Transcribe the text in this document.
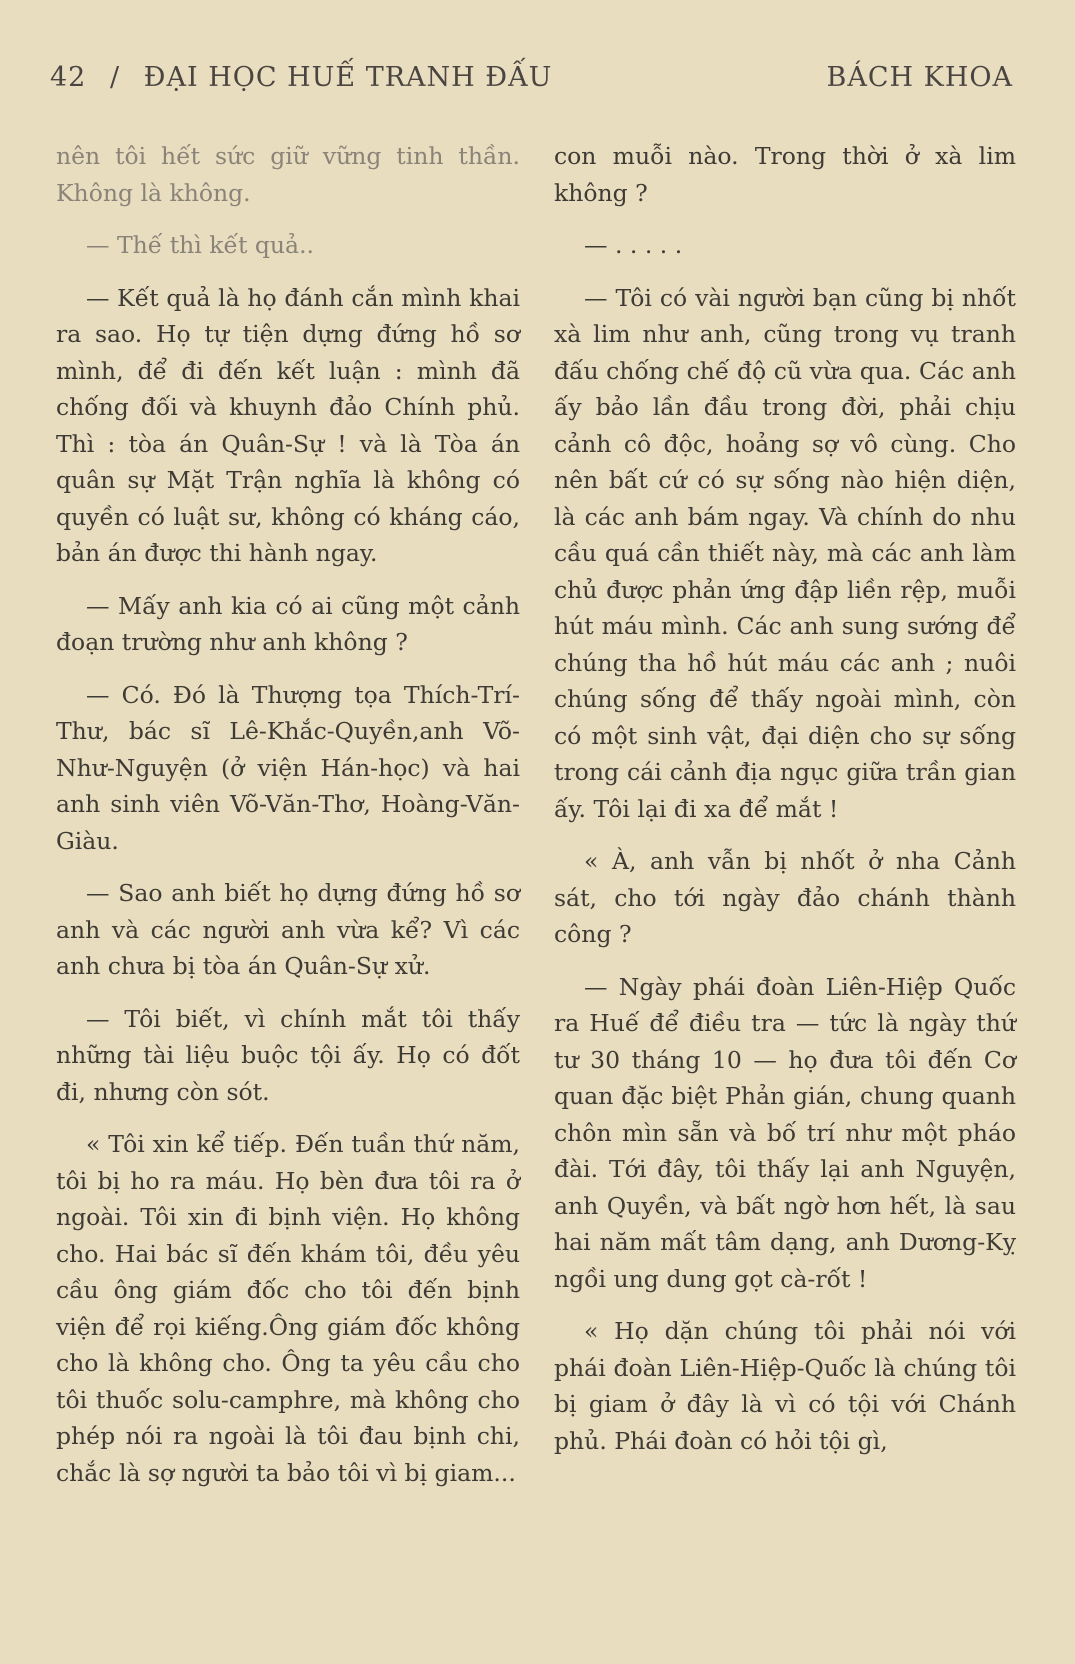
42 / ĐẠI HỌC HUẾ TRANH ĐẤU	BÁCH KHOA

nên tôi hết sức giữ vững tinh thần. Không là không.

— Thế thì kết quả..

— Kết quả là họ đánh cắn mình khai ra sao. Họ tự tiện dựng đứng hồ sơ mình, để đi đến kết luận : mình đã chống đối và khuynh đảo Chính phủ. Thì : tòa án Quân-Sự ! và là Tòa án quân sự Mặt Trận nghĩa là không có quyền có luật sư, không có kháng cáo, bản án được thi hành ngay.

— Mấy anh kia có ai cũng một cảnh đoạn trường như anh không ?

— Có. Đó là Thượng tọa Thích-Trí-Thư, bác sĩ Lê-Khắc-Quyền,anh Võ-Như-Nguyện (ở viện Hán-học) và hai anh sinh viên Võ-Văn-Thơ, Hoàng-Văn-Giàu.

— Sao anh biết họ dựng đứng hồ sơ anh và các người anh vừa kể? Vì các anh chưa bị tòa án Quân-Sự xử.

— Tôi biết, vì chính mắt tôi thấy những tài liệu buộc tội ấy. Họ có đốt đi, nhưng còn sót.

« Tôi xin kể tiếp. Đến tuần thứ năm, tôi bị ho ra máu. Họ bèn đưa tôi ra ở ngoài. Tôi xin đi bịnh viện. Họ không cho. Hai bác sĩ đến khám tôi, đều yêu cầu ông giám đốc cho tôi đến bịnh viện để rọi kiếng.Ông giám đốc không cho là không cho. Ông ta yêu cầu cho tôi thuốc solu-camphre, mà không cho phép nói ra ngoài là tôi đau bịnh chi, chắc là sợ người ta bảo tôi vì bị giam...

con muỗi nào. Trong thời ở xà lim không ?

— . . . . .

— Tôi có vài người bạn cũng bị nhốt xà lim như anh, cũng trong vụ tranh đấu chống chế độ cũ vừa qua. Các anh ấy bảo lần đầu trong đời, phải chịu cảnh cô độc, hoảng sợ vô cùng. Cho nên bất cứ có sự sống nào hiện diện, là các anh bám ngay. Và chính do nhu cầu quá cần thiết này, mà các anh làm chủ được phản ứng đập liền rệp, muỗi hút máu mình. Các anh sung sướng để chúng tha hồ hút máu các anh ; nuôi chúng sống để thấy ngoài mình, còn có một sinh vật, đại diện cho sự sống trong cái cảnh địa ngục giữa trần gian ấy. Tôi lại đi xa để mắt !

« À, anh vẫn bị nhốt ở nha Cảnh sát, cho tới ngày đảo chánh thành công ?

— Ngày phái đoàn Liên-Hiệp Quốc ra Huế để điều tra — tức là ngày thứ tư 30 tháng 10 — họ đưa tôi đến Cơ quan đặc biệt Phản gián, chung quanh chôn mìn sẵn và bố trí như một pháo đài. Tới đây, tôi thấy lại anh Nguyện, anh Quyền, và bất ngờ hơn hết, là sau hai năm mất tâm dạng, anh Dương-Kỵ ngồi ung dung gọt cà-rốt !

« Họ dặn chúng tôi phải nói với phái đoàn Liên-Hiệp-Quốc là chúng tôi bị giam ở đây là vì có tội với Chánh phủ. Phái đoàn có hỏi tội gì,
